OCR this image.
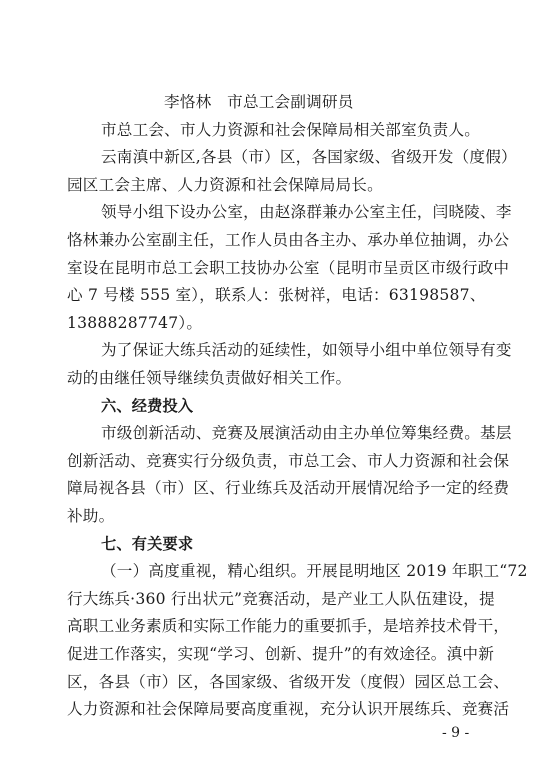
李恪林　市总工会副调研员
市总工会、市人力资源和社会保障局相关部室负责人。
云南滇中新区,各县（市）区，各国家级、省级开发（度假）
园区工会主席、人力资源和社会保障局局长。
领导小组下设办公室，由赵涤群兼办公室主任，闫晓陵、李
恪林兼办公室副主任，工作人员由各主办、承办单位抽调，办公
室设在昆明市总工会职工技协办公室（昆明市呈贡区市级行政中
心 7 号楼 555 室），联系人：张树祥，电话：63198587、
13888287747）。
为了保证大练兵活动的延续性，如领导小组中单位领导有变
动的由继任领导继续负责做好相关工作。
六、经费投入
市级创新活动、竞赛及展演活动由主办单位筹集经费。基层
创新活动、竞赛实行分级负责，市总工会、市人力资源和社会保
障局视各县（市）区、行业练兵及活动开展情况给予一定的经费
补助。
七、有关要求
（一）高度重视，精心组织。开展昆明地区 2019 年职工“72
行大练兵·360 行出状元”竞赛活动，是产业工人队伍建设，提
高职工业务素质和实际工作能力的重要抓手，是培养技术骨干，
促进工作落实，实现“学习、创新、提升”的有效途径。滇中新
区，各县（市）区，各国家级、省级开发（度假）园区总工会、
人力资源和社会保障局要高度重视，充分认识开展练兵、竞赛活
- 9 -
